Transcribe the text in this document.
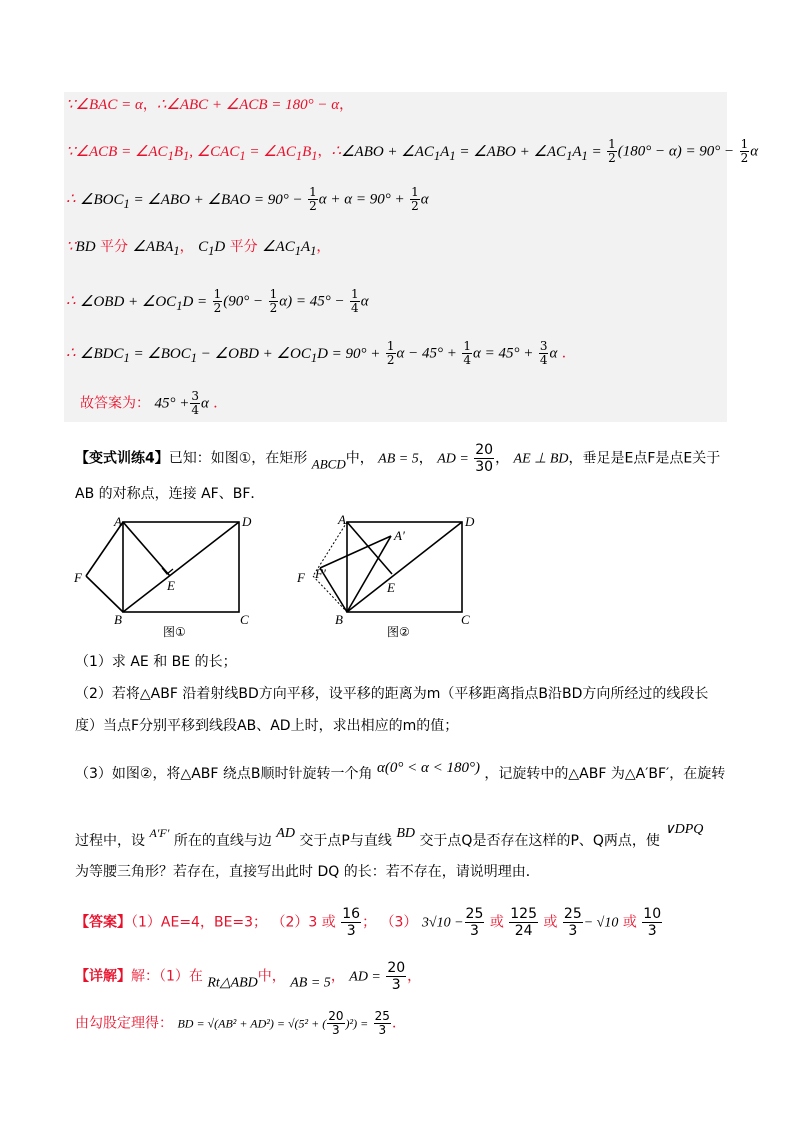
∵∠BAC = α，∴∠ABC + ∠ACB = 180° − α，
∵∠ACB = $\angle AC_1B_1$, $\angle CAC_1$ = $\angle AC_1B_1$，∴∠ABO + $\angle AC_1A_1$ = ∠ABO + $\angle AC_1A_1 = \frac{1}{2} (180^\circ - \alpha) = 90^\circ - \frac{1}{2}$ α
∴ $\angle BOC_1$ = ∠ABO + ∠BAO = $90^\circ - \frac{1}{2}$ $\alpha + \alpha = 90^\circ + \frac{1}{2}$ α
∵BD 平分 $\angle ABA_1$， $C_1D$ 平分 $\angle AC_1A_1$，
∴ ∠OBD + $\angle OC_1D = \frac{1}{2} (90^\circ - \frac{1}{2} \alpha) = 45^\circ - \frac{1}{4}$ α
∴ $\angle BDC_1$ = $\angle BOC_1$ − ∠OBD + $\angle OC_1D = 90^\circ + \frac{1}{2}$ $\alpha - 45^\circ + \frac{1}{4}$ $\alpha = 45^\circ + \frac{3}{4}$ α ．
故答案为： $45^\circ + \frac{3}{4}$ α ．
【变式训练4】已知：如图①，在矩形 ABCD中， AB = 5， AD = $\frac{20}{30}$ ， AE ⊥ BD，垂足是E点F是点E关于
AB 的对称点，连接 AF、BF．
A	D
F
E
B	C
图①
A
A′
D
F′
F
E
B	C
图②
（1）求 AE 和 BE 的长；
（2）若将△ABF 沿着射线BD方向平移，设平移的距离为m（平移距离指点B沿BD方向所经过的线段长
度）当点F分别平移到线段AB、AD上时，求出相应的m的值；
（3）如图②，将△ABF 绕点B顺时针旋转一个角 α(0° < α < 180°) ，记旋转中的△ABF 为△A′BF′，在旋转
过程中，设 A′F′ 所在的直线与边 AD 交于点P与直线 BD 交于点Q是否存在这样的P、Q两点，使 ∨DPQ
为等腰三角形？若存在，直接写出此时 DQ 的长：若不存在，请说明理由．
【答案】（1）AE=4，BE=3； （2）3 或 $\frac{16}{3}$ ； （3） $3√10 - \frac{25}{3}$ 或 $\frac{125}{24}$ 或 $\frac{25}{3} - √10$ 或 $\frac{10}{3}$
【详解】解：（1）在 Rt△ABD中， AB = 5， AD = $\frac{20}{3}$ ，
由勾股定理得： BD = √(AB² + AD²) = √(5² + ( $\frac{20}{3} )^2) = \frac{25}{3}$ ．
